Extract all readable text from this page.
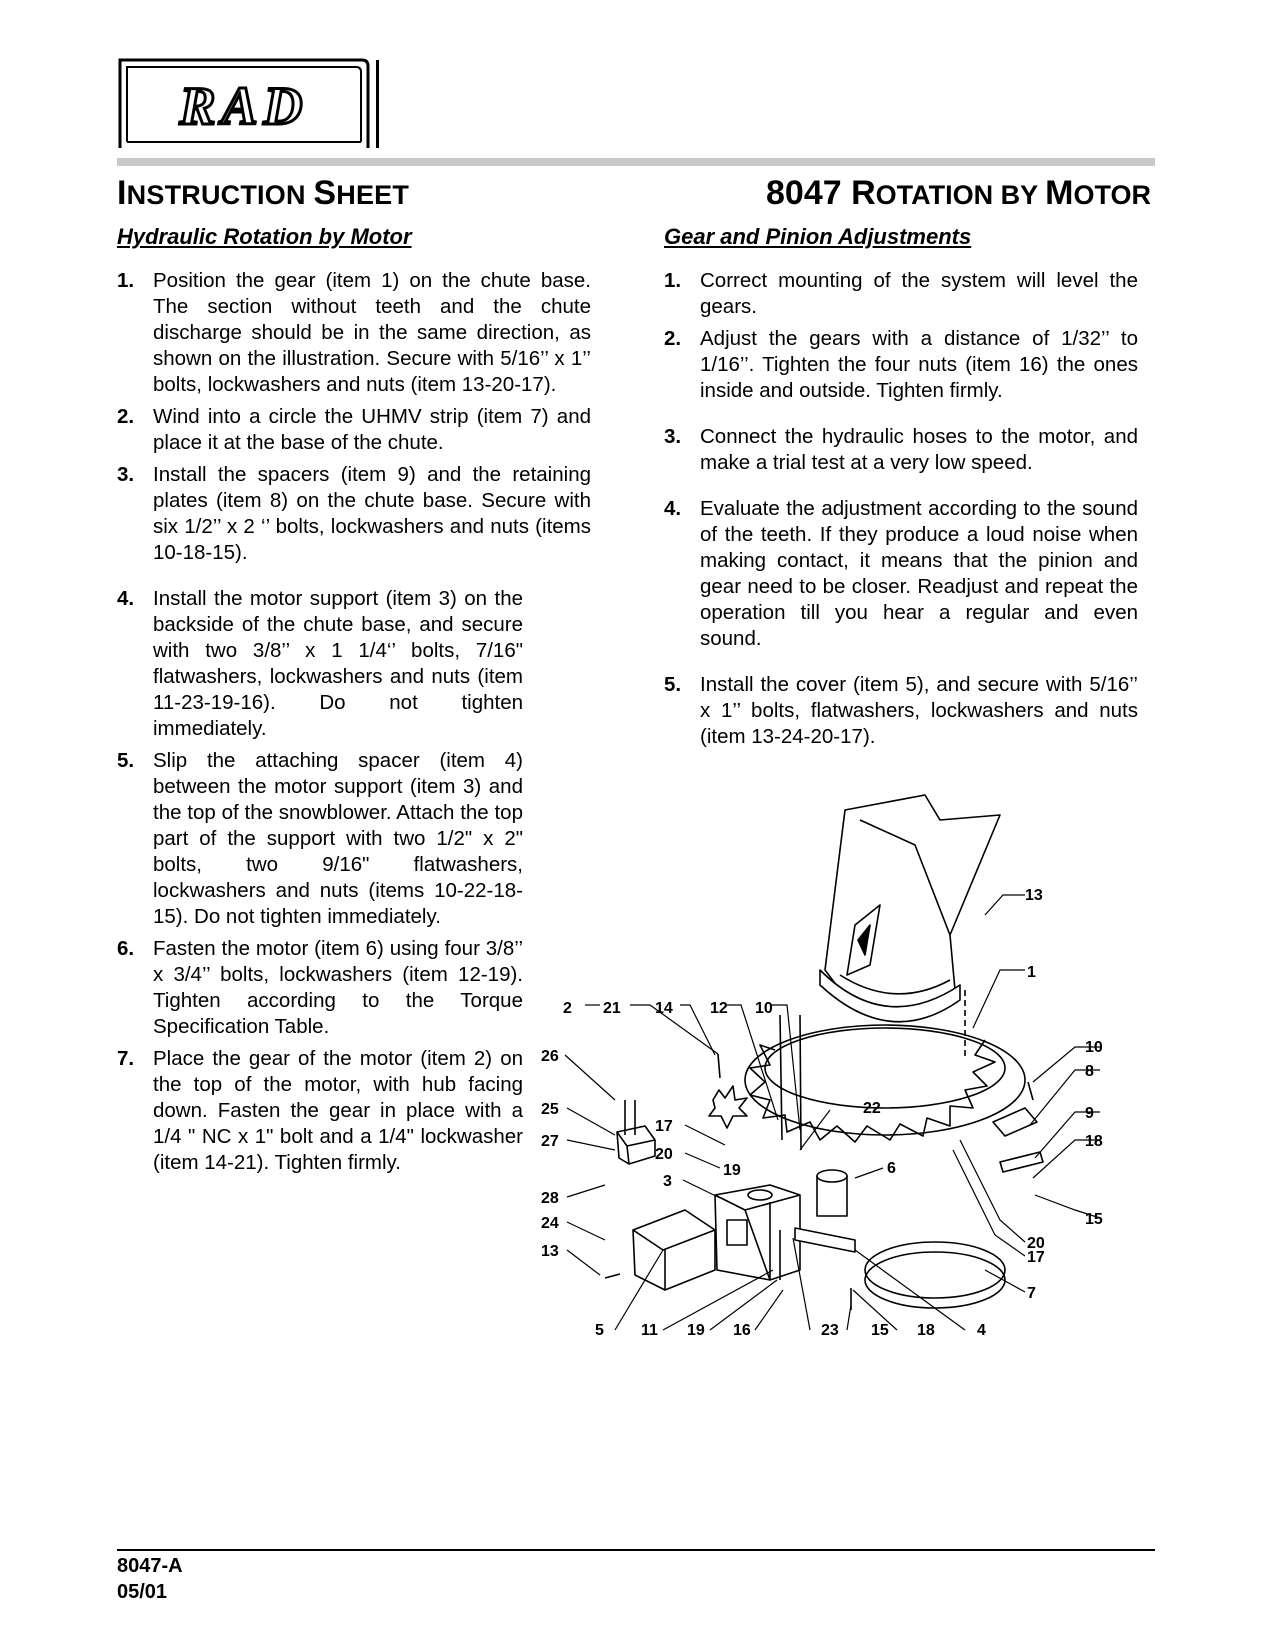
RAD
INSTRUCTION SHEET	8047 ROTATION BY MOTOR
Hydraulic Rotation by Motor
1. Position the gear (item 1) on the chute base. The section without teeth and the chute discharge should be in the same direction, as shown on the illustration. Secure with 5/16’’ x 1’’ bolts, lockwashers and nuts (item 13-20-17).
2. Wind into a circle the UHMV strip (item 7) and place it at the base of the chute.
3. Install the spacers (item 9) and the retaining plates (item 8) on the chute base. Secure with six 1/2’’ x 2 ‘’ bolts, lockwashers and nuts (items 10-18-15).
4. Install the motor support (item 3) on the backside of the chute base, and secure with two 3/8’’ x 1 1/4‘’ bolts, 7/16" flatwashers, lockwashers and nuts (item 11-23-19-16). Do not tighten immediately.
5. Slip the attaching spacer (item 4) between the motor support (item 3) and the top of the snowblower. Attach the top part of the support with two 1/2" x 2" bolts, two 9/16" flatwashers, lockwashers and nuts (items 10-22-18-15). Do not tighten immediately.
6. Fasten the motor (item 6) using four 3/8’’ x 3/4’’ bolts, lockwashers (item 12-19). Tighten according to the Torque Specification Table.
7. Place the gear of the motor (item 2) on the top of the motor, with hub facing down. Fasten the gear in place with a 1/4 " NC x 1" bolt and a 1/4" lockwasher (item 14-21). Tighten firmly.
Gear and Pinion Adjustments
1. Correct mounting of the system will level the gears.
2. Adjust the gears with a distance of 1/32’’ to 1/16’’. Tighten the four nuts (item 16) the ones inside and outside. Tighten firmly.
3. Connect the hydraulic hoses to the motor, and make a trial test at a very low speed.
4. Evaluate the adjustment according to the sound of the teeth. If they produce a loud noise when making contact, it means that the pinion and gear need to be closer. Readjust and repeat the operation till you hear a regular and even sound.
5. Install the cover (item 5), and secure with 5/16’’ x 1’’ bolts, flatwashers, lockwashers and nuts (item 13-24-20-17).
13
1
2 21 14 12 10
10
8
9
18
15
26
19
22
25
17
27
20
6
3
28
24
13	20
17
7
5 11 19 16	23 15 18	4
8047-A
05/01
